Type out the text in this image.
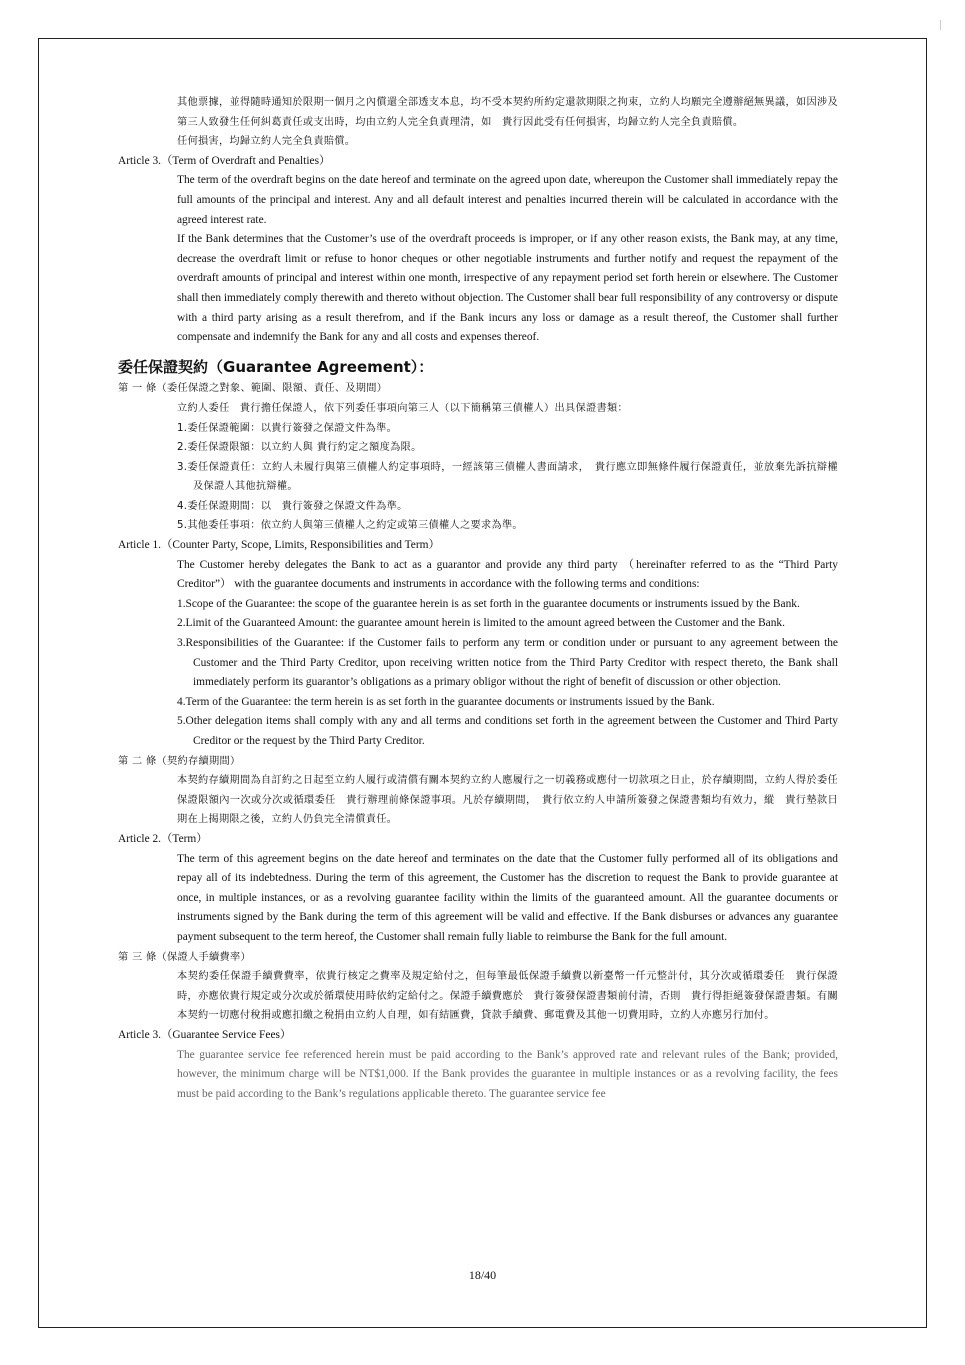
其他票據，並得隨時通知於限期一個月之內償還全部透支本息，均不受本契約所約定還款期限之拘束，立約人均願完全遵辦絕無異議，如因涉及第三人致發生任何糾葛責任或支出時，均由立約人完全負責理清，如　貴行因此受有任何損害，均歸立約人完全負責賠償。

任何損害，均歸立約人完全負責賠償。

Article 3.（Term of Overdraft and Penalties）

The term of the overdraft begins on the date hereof and terminate on the agreed upon date, whereupon the Customer shall immediately repay the full amounts of the principal and interest. Any and all default interest and penalties incurred therein will be calculated in accordance with the agreed interest rate.

If the Bank determines that the Customer’s use of the overdraft proceeds is improper, or if any other reason exists, the Bank may, at any time, decrease the overdraft limit or refuse to honor cheques or other negotiable instruments and further notify and request the repayment of the overdraft amounts of principal and interest within one month, irrespective of any repayment period set forth herein or elsewhere. The Customer shall then immediately comply therewith and thereto without objection. The Customer shall bear full responsibility of any controversy or dispute with a third party arising as a result therefrom, and if the Bank incurs any loss or damage as a result thereof, the Customer shall further compensate and indemnify the Bank for any and all costs and expenses thereof.

委任保證契約（Guarantee Agreement）：

第 一 條（委任保證之對象、範圍、限額、責任、及期間）

立約人委任　貴行擔任保證人，依下列委任事項向第三人（以下簡稱第三債權人）出具保證書類：

1.委任保證範圍：以貴行簽發之保證文件為準。

2.委任保證限額：以立約人與 貴行約定之額度為限。

3.委任保證責任：立約人未履行與第三債權人約定事項時，一經該第三債權人書面請求，　貴行應立即無條件履行保證責任，並放棄先訴抗辯權及保證人其他抗辯權。

4.委任保證期間：以　貴行簽發之保證文件為準。

5.其他委任事項：依立約人與第三債權人之約定或第三債權人之要求為準。

Article 1.（Counter Party, Scope, Limits, Responsibilities and Term）

The Customer hereby delegates the Bank to act as a guarantor and provide any third party （hereinafter referred to as the “Third Party Creditor”） with the guarantee documents and instruments in accordance with the following terms and conditions:

1.Scope of the Guarantee: the scope of the guarantee herein is as set forth in the guarantee documents or instruments issued by the Bank.

2.Limit of the Guaranteed Amount: the guarantee amount herein is limited to the amount agreed between the Customer and the Bank.

3.Responsibilities of the Guarantee: if the Customer fails to perform any term or condition under or pursuant to any agreement between the Customer and the Third Party Creditor, upon receiving written notice from the Third Party Creditor with respect thereto, the Bank shall immediately perform its guarantor’s obligations as a primary obligor without the right of benefit of discussion or other objection.

4.Term of the Guarantee: the term herein is as set forth in the guarantee documents or instruments issued by the Bank.

5.Other delegation items shall comply with any and all terms and conditions set forth in the agreement between the Customer and Third Party Creditor or the request by the Third Party Creditor.

第 二 條（契約存續期間）

本契約存續期間為自訂約之日起至立約人履行或清償有關本契約立約人應履行之一切義務或應付一切款項之日止，於存續期間，立約人得於委任保證限額內一次或分次或循環委任　貴行辦理前條保證事項。凡於存續期間，　貴行依立約人申請所簽發之保證書類均有效力，縱　貴行墊款日期在上揭期限之後，立約人仍負完全清償責任。

Article 2.（Term）

The term of this agreement begins on the date hereof and terminates on the date that the Customer fully performed all of its obligations and repay all of its indebtedness. During the term of this agreement, the Customer has the discretion to request the Bank to provide guarantee at once, in multiple instances, or as a revolving guarantee facility within the limits of the guaranteed amount. All the guarantee documents or instruments signed by the Bank during the term of this agreement will be valid and effective. If the Bank disburses or advances any guarantee payment subsequent to the term hereof, the Customer shall remain fully liable to reimburse the Bank for the full amount.

第 三 條（保證人手續費率）

本契約委任保證手續費費率，依貴行核定之費率及規定給付之，但每筆最低保證手續費以新臺幣一仟元整計付，其分次或循環委任　貴行保證時，亦應依貴行規定或分次或於循環使用時依約定給付之。保證手續費應於　貴行簽發保證書類前付清，否則　貴行得拒絕簽發保證書類。有關本契約一切應付稅捐或應扣繳之稅捐由立約人自理，如有結匯費，貸款手續費、郵電費及其他一切費用時，立約人亦應另行加付。

Article 3.（Guarantee Service Fees）

The guarantee service fee referenced herein must be paid according to the Bank’s approved rate and relevant rules of the Bank; provided, however, the minimum charge will be NT$1,000. If the Bank provides the guarantee in multiple instances or as a revolving facility, the fees must be paid according to the Bank’s regulations applicable thereto. The guarantee service fee

18/40
